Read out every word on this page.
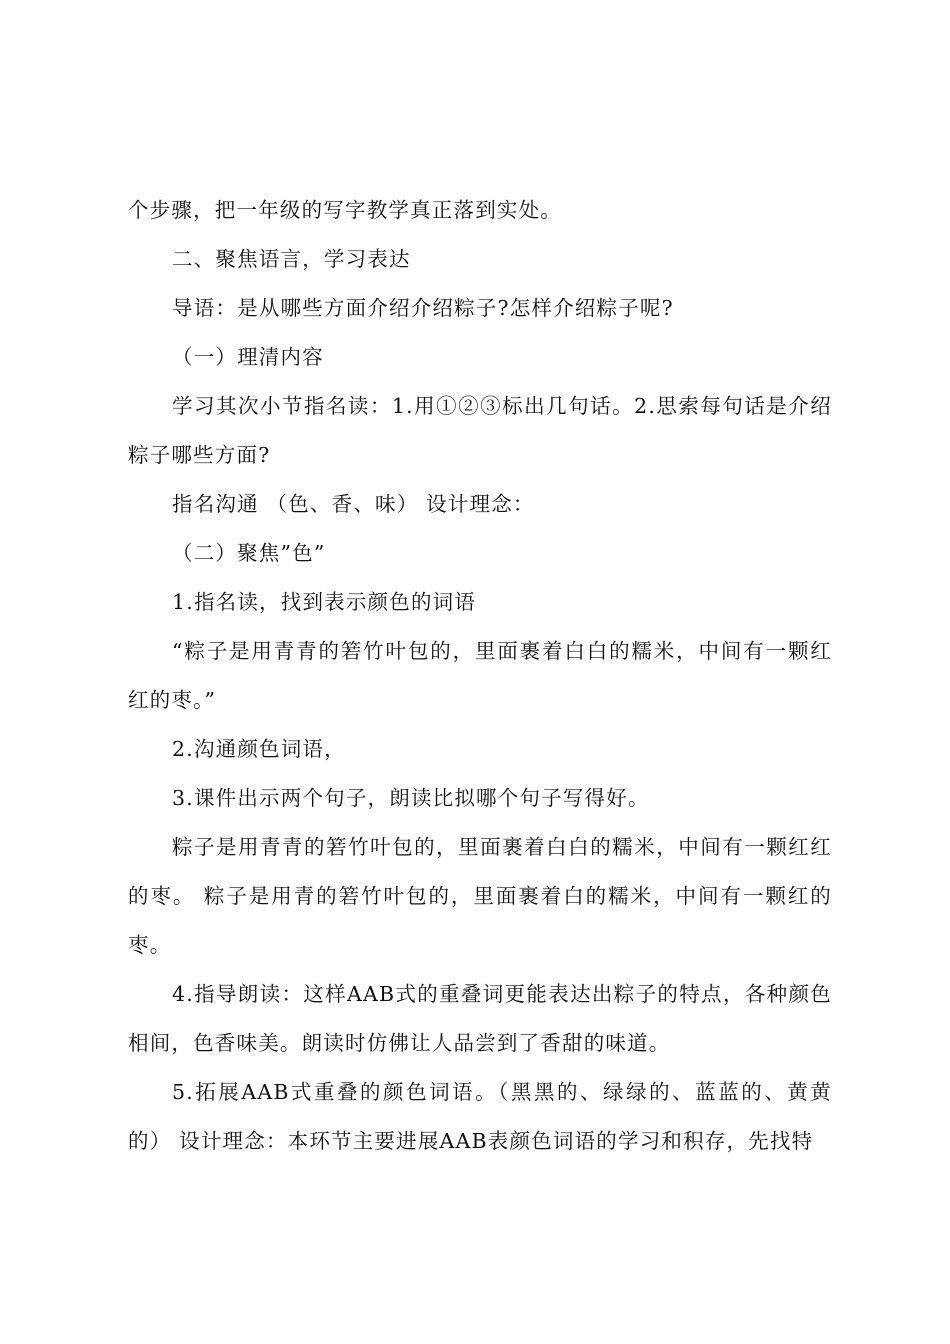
个步骤，把一年级的写字教学真正落到实处。

二、聚焦语言，学习表达

导语：是从哪些方面介绍介绍粽子?怎样介绍粽子呢?

（一）理清内容

学习其次小节指名读：1.用①②③标出几句话。2.思索每句话是介绍粽子哪些方面?

指名沟通 （色、香、味） 设计理念：

（二）聚焦”色”

1.指名读，找到表示颜色的词语

“粽子是用青青的箬竹叶包的，里面裹着白白的糯米，中间有一颗红红的枣。”

2.沟通颜色词语，

3.课件出示两个句子，朗读比拟哪个句子写得好。

粽子是用青青的箬竹叶包的，里面裹着白白的糯米，中间有一颗红红的枣。 粽子是用青的箬竹叶包的，里面裹着白的糯米，中间有一颗红的枣。

4.指导朗读：这样AAB式的重叠词更能表达出粽子的特点，各种颜色相间，色香味美。朗读时仿佛让人品尝到了香甜的味道。

5.拓展AAB式重叠的颜色词语。（黑黑的、绿绿的、蓝蓝的、黄黄的） 设计理念：本环节主要进展AAB表颜色词语的学习和积存，先找特
